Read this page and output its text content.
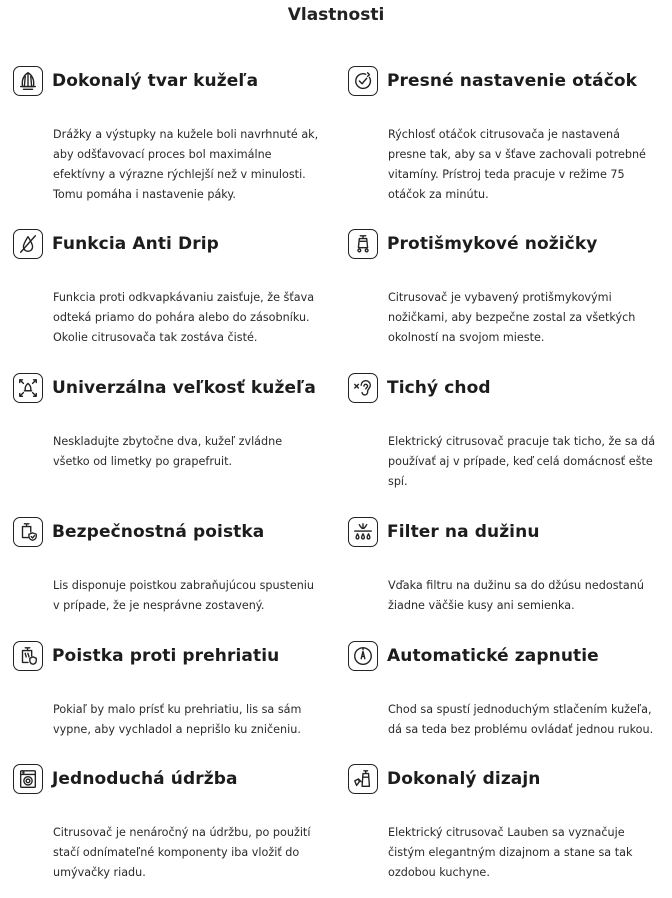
Vlastnosti
Dokonalý tvar kužeľa
Drážky a výstupky na kužele boli navrhnuté ak, aby odšťavovací proces bol maximálne efektívny a výrazne rýchlejší než v minulosti. Tomu pomáha i nastavenie páky.
Presné nastavenie otáčok
Rýchlosť otáčok citrusovača je nastavená presne tak, aby sa v šťave zachovali potrebné vitamíny. Prístroj teda pracuje v režime 75 otáčok za minútu.
Funkcia Anti Drip
Funkcia proti odkvapkávaniu zaisťuje, že šťava odteká priamo do pohára alebo do zásobníku. Okolie citrusovača tak zostáva čisté.
Protišmykové nožičky
Citrusovač je vybavený protišmykovými nožičkami, aby bezpečne zostal za všetkých okolností na svojom mieste.
Univerzálna veľkosť kužeľa
Neskladujte zbytočne dva, kužeľ zvládne všetko od limetky po grapefruit.
Tichý chod
Elektrický citrusovač pracuje tak ticho, že sa dá používať aj v prípade, keď celá domácnosť ešte spí.
Bezpečnostná poistka
Lis disponuje poistkou zabraňujúcou spusteniu v prípade, že je nesprávne zostavený.
Filter na dužinu
Vďaka filtru na dužinu sa do džúsu nedostanú žiadne väčšie kusy ani semienka.
Poistka proti prehriatiu
Pokiaľ by malo prísť ku prehriatiu, lis sa sám vypne, aby vychladol a neprišlo ku zničeniu.
Automatické zapnutie
Chod sa spustí jednoduchým stlačením kužeľa, dá sa teda bez problému ovládať jednou rukou.
Jednoduchá údržba
Citrusovač je nenáročný na údržbu, po použití stačí odnímateľné komponenty iba vložiť do umývačky riadu.
Dokonalý dizajn
Elektrický citrusovač Lauben sa vyznačuje čistým elegantným dizajnom a stane sa tak ozdobou kuchyne.
